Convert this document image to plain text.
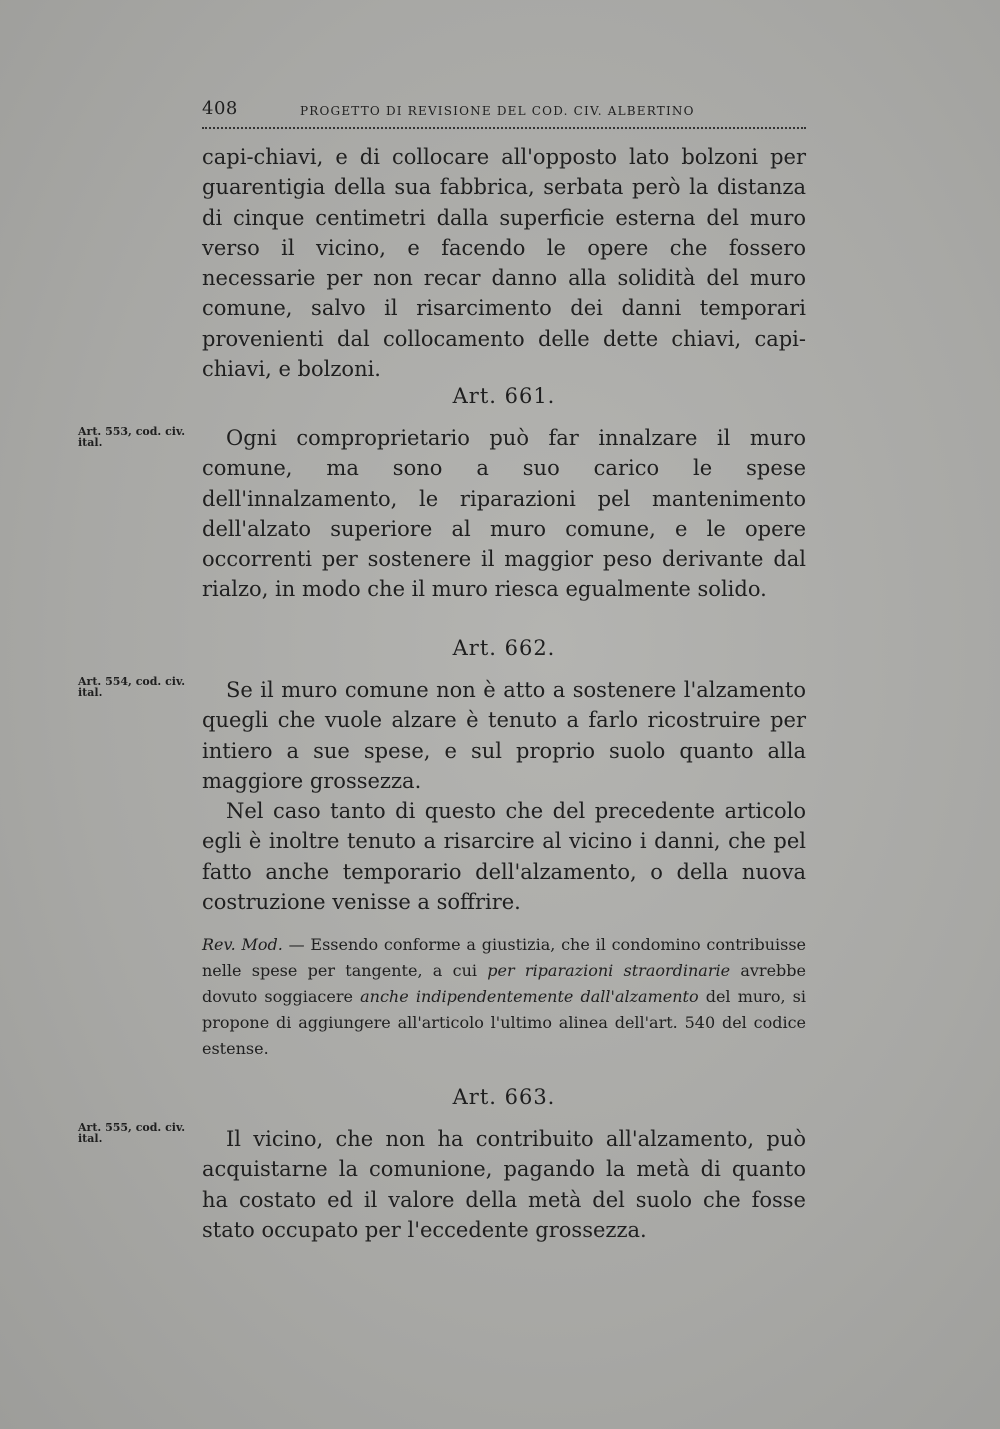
408	PROGETTO DI REVISIONE DEL COD. CIV. ALBERTINO

capi-chiavi, e di collocare all'opposto lato bolzoni per guarentigia della sua fabbrica, serbata però la distanza di cinque centimetri dalla superficie esterna del muro verso il vicino, e facendo le opere che fossero necessarie per non recar danno alla solidità del muro comune, salvo il risarcimento dei danni temporari provenienti dal collocamento delle dette chiavi, capi-chiavi, e bolzoni.

Art. 661.
Art. 553, cod. civ. ital.	Ogni comproprietario può far innalzare il muro comune, ma sono a suo carico le spese dell'innalzamento, le riparazioni pel mantenimento dell'alzato superiore al muro comune, e le opere occorrenti per sostenere il maggior peso derivante dal rialzo, in modo che il muro riesca egualmente solido.

Art. 662.
Art. 554, cod. civ. ital.	Se il muro comune non è atto a sostenere l'alzamento quegli che vuole alzare è tenuto a farlo ricostruire per intiero a sue spese, e sul proprio suolo quanto alla maggiore grossezza.

Nel caso tanto di questo che del precedente articolo egli è inoltre tenuto a risarcire al vicino i danni, che pel fatto anche temporario dell'alzamento, o della nuova costruzione venisse a soffrire.

Rev. Mod. — Essendo conforme a giustizia, che il condomino contribuisse nelle spese per tangente, a cui per riparazioni straordinarie avrebbe dovuto soggiacere anche indipendentemente dall'alzamento del muro, si propone di aggiungere all'articolo l'ultimo alinea dell'art. 540 del codice estense.

Art. 663.
Art. 555, cod. civ. ital.	Il vicino, che non ha contribuito all'alzamento, può acquistarne la comunione, pagando la metà di quanto ha costato ed il valore della metà del suolo che fosse stato occupato per l'eccedente grossezza.
